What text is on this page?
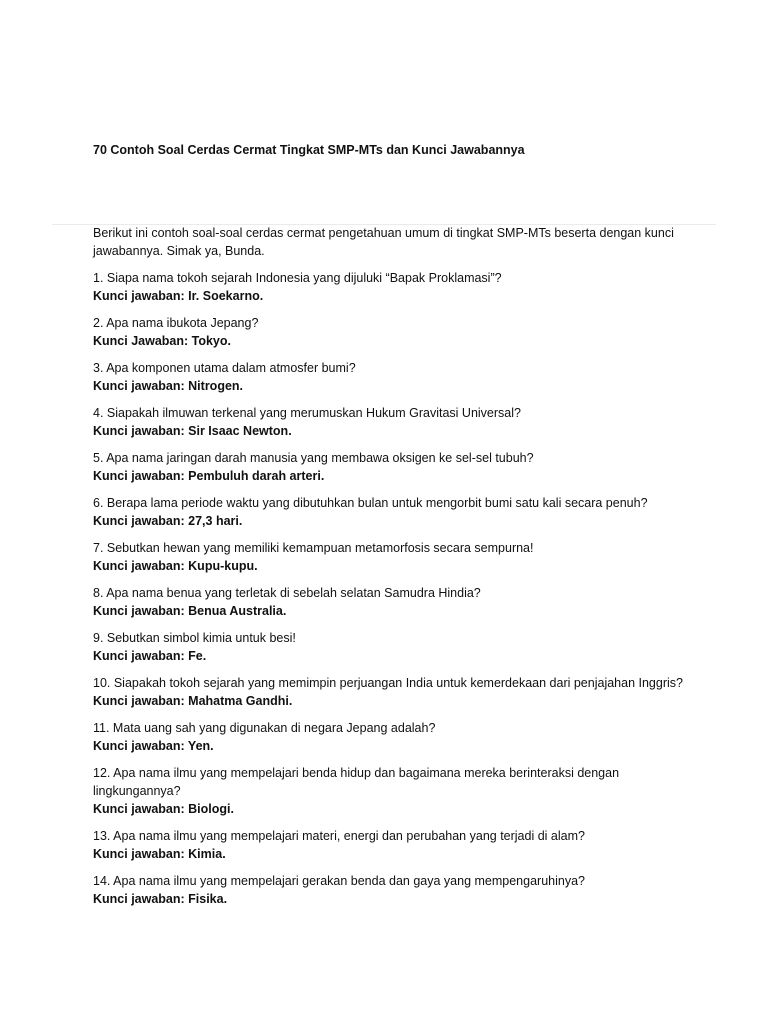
70 Contoh Soal Cerdas Cermat Tingkat SMP-MTs dan Kunci Jawabannya

Berikut ini contoh soal-soal cerdas cermat pengetahuan umum di tingkat SMP-MTs beserta dengan kunci jawabannya. Simak ya, Bunda.

1. Siapa nama tokoh sejarah Indonesia yang dijuluki “Bapak Proklamasi”?
Kunci jawaban: Ir. Soekarno.
2. Apa nama ibukota Jepang?
Kunci Jawaban: Tokyo.
3. Apa komponen utama dalam atmosfer bumi?
Kunci jawaban: Nitrogen.
4. Siapakah ilmuwan terkenal yang merumuskan Hukum Gravitasi Universal?
Kunci jawaban: Sir Isaac Newton.
5. Apa nama jaringan darah manusia yang membawa oksigen ke sel-sel tubuh?
Kunci jawaban: Pembuluh darah arteri.
6. Berapa lama periode waktu yang dibutuhkan bulan untuk mengorbit bumi satu kali secara penuh?
Kunci jawaban: 27,3 hari.
7. Sebutkan hewan yang memiliki kemampuan metamorfosis secara sempurna!
Kunci jawaban: Kupu-kupu.
8. Apa nama benua yang terletak di sebelah selatan Samudra Hindia?
Kunci jawaban: Benua Australia.
9. Sebutkan simbol kimia untuk besi!
Kunci jawaban: Fe.
10. Siapakah tokoh sejarah yang memimpin perjuangan India untuk kemerdekaan dari penjajahan Inggris?
Kunci jawaban: Mahatma Gandhi.
11. Mata uang sah yang digunakan di negara Jepang adalah?
Kunci jawaban: Yen.
12. Apa nama ilmu yang mempelajari benda hidup dan bagaimana mereka berinteraksi dengan lingkungannya?
Kunci jawaban: Biologi.
13. Apa nama ilmu yang mempelajari materi, energi dan perubahan yang terjadi di alam?
Kunci jawaban: Kimia.
14. Apa nama ilmu yang mempelajari gerakan benda dan gaya yang mempengaruhinya?
Kunci jawaban: Fisika.
